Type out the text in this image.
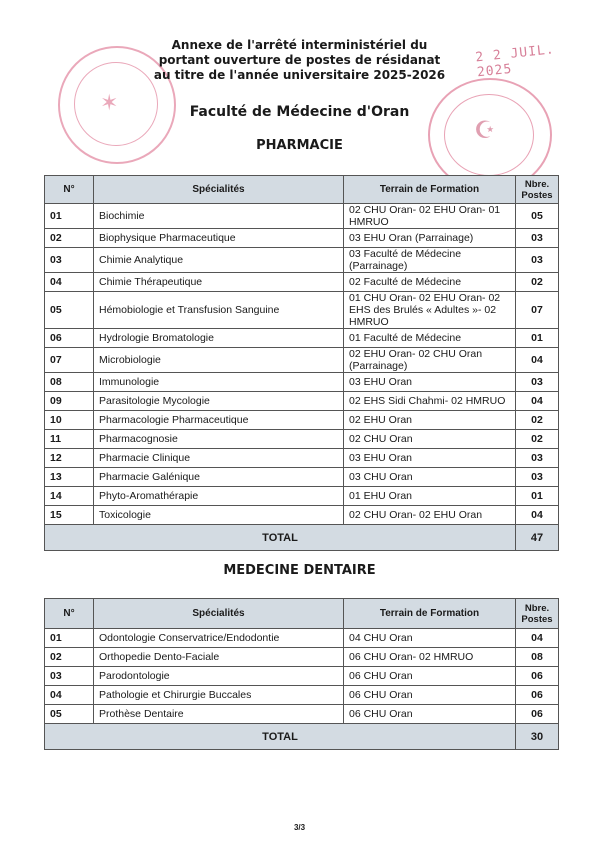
✶
2 2 JUIL. 2025
☪
Annexe de l'arrêté interministériel du
portant ouverture de postes de résidanat
au titre de l'année universitaire 2025-2026
Faculté de Médecine d'Oran
PHARMACIE
N°	Spécialités	Terrain de Formation	Nbre. Postes
01	Biochimie	02 CHU Oran- 02 EHU Oran- 01 HMRUO	05
02	Biophysique Pharmaceutique	03 EHU Oran (Parrainage)	03
03	Chimie Analytique	03 Faculté de Médecine (Parrainage)	03
04	Chimie Thérapeutique	02 Faculté de Médecine	02
05	Hémobiologie et Transfusion Sanguine	01 CHU Oran- 02 EHU Oran- 02 EHS des Brulés « Adultes »- 02 HMRUO	07
06	Hydrologie Bromatologie	01 Faculté de Médecine	01
07	Microbiologie	02 EHU Oran- 02 CHU Oran (Parrainage)	04
08	Immunologie	03 EHU Oran	03
09	Parasitologie Mycologie	02 EHS Sidi Chahmi- 02 HMRUO	04
10	Pharmacologie Pharmaceutique	02 EHU Oran	02
11	Pharmacognosie	02 CHU Oran	02
12	Pharmacie Clinique	03 EHU Oran	03
13	Pharmacie Galénique	03 CHU Oran	03
14	Phyto-Aromathérapie	01 EHU Oran	01
15	Toxicologie	02 CHU Oran- 02 EHU Oran	04
TOTAL			47
MEDECINE DENTAIRE
N°	Spécialités	Terrain de Formation	Nbre. Postes
01	Odontologie Conservatrice/Endodontie	04 CHU Oran	04
02	Orthopedie Dento-Faciale	06 CHU Oran- 02 HMRUO	08
03	Parodontologie	06 CHU Oran	06
04	Pathologie et Chirurgie Buccales	06 CHU Oran	06
05	Prothèse Dentaire	06 CHU Oran	06
TOTAL			30
3/3
